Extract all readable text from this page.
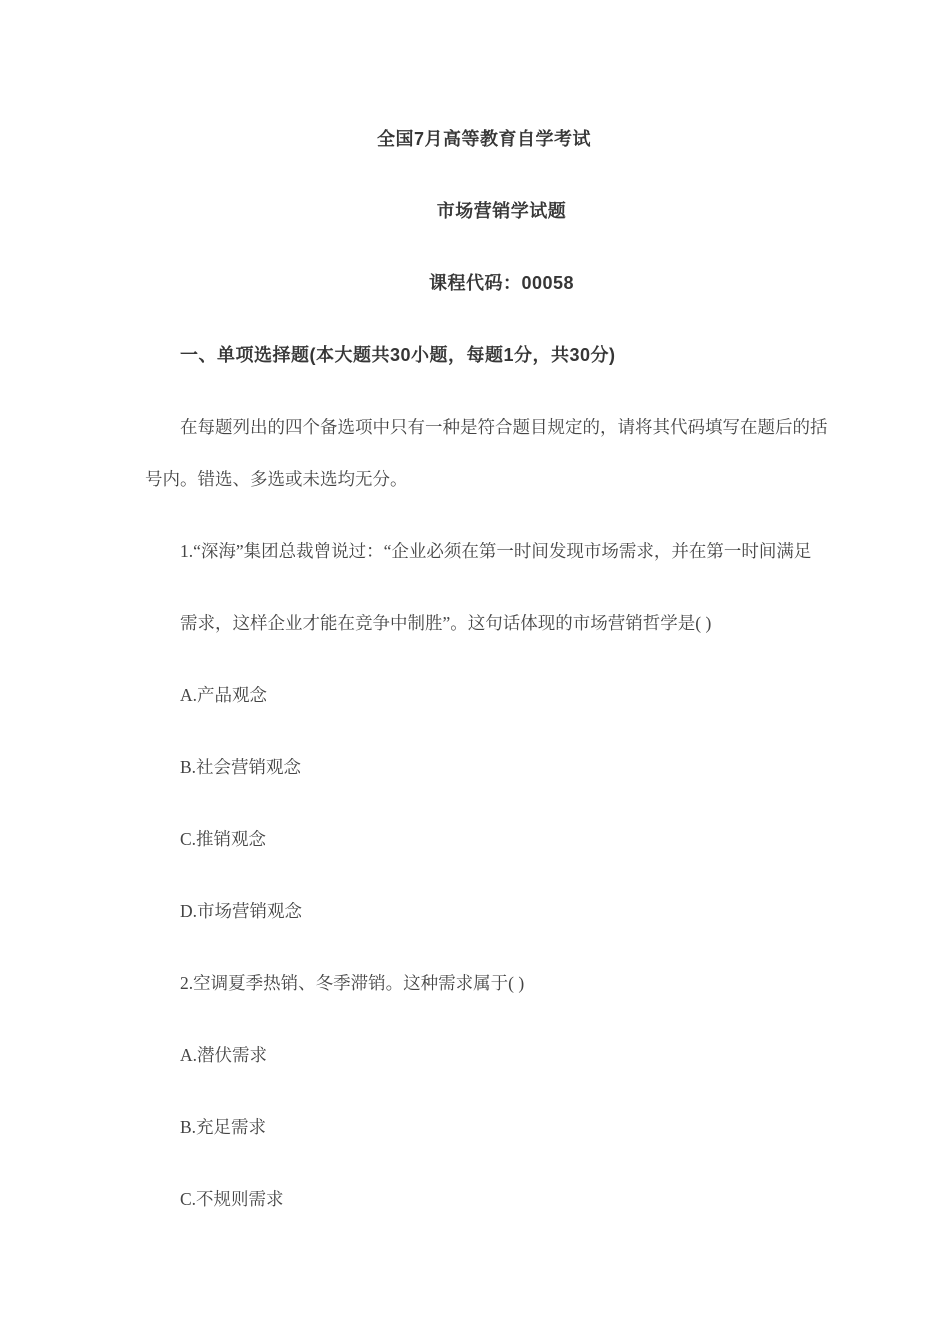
全国7月高等教育自学考试
市场营销学试题
课程代码：00058
一、单项选择题(本大题共30小题，每题1分，共30分)
在每题列出的四个备选项中只有一种是符合题目规定的，请将其代码填写在题后的括
号内。错选、多选或未选均无分。
1.“深海”集团总裁曾说过：“企业必须在第一时间发现市场需求，并在第一时间满足
需求，这样企业才能在竞争中制胜”。这句话体现的市场营销哲学是( )
A.产品观念
B.社会营销观念
C.推销观念
D.市场营销观念
2.空调夏季热销、冬季滞销。这种需求属于( )
A.潜伏需求
B.充足需求
C.不规则需求
